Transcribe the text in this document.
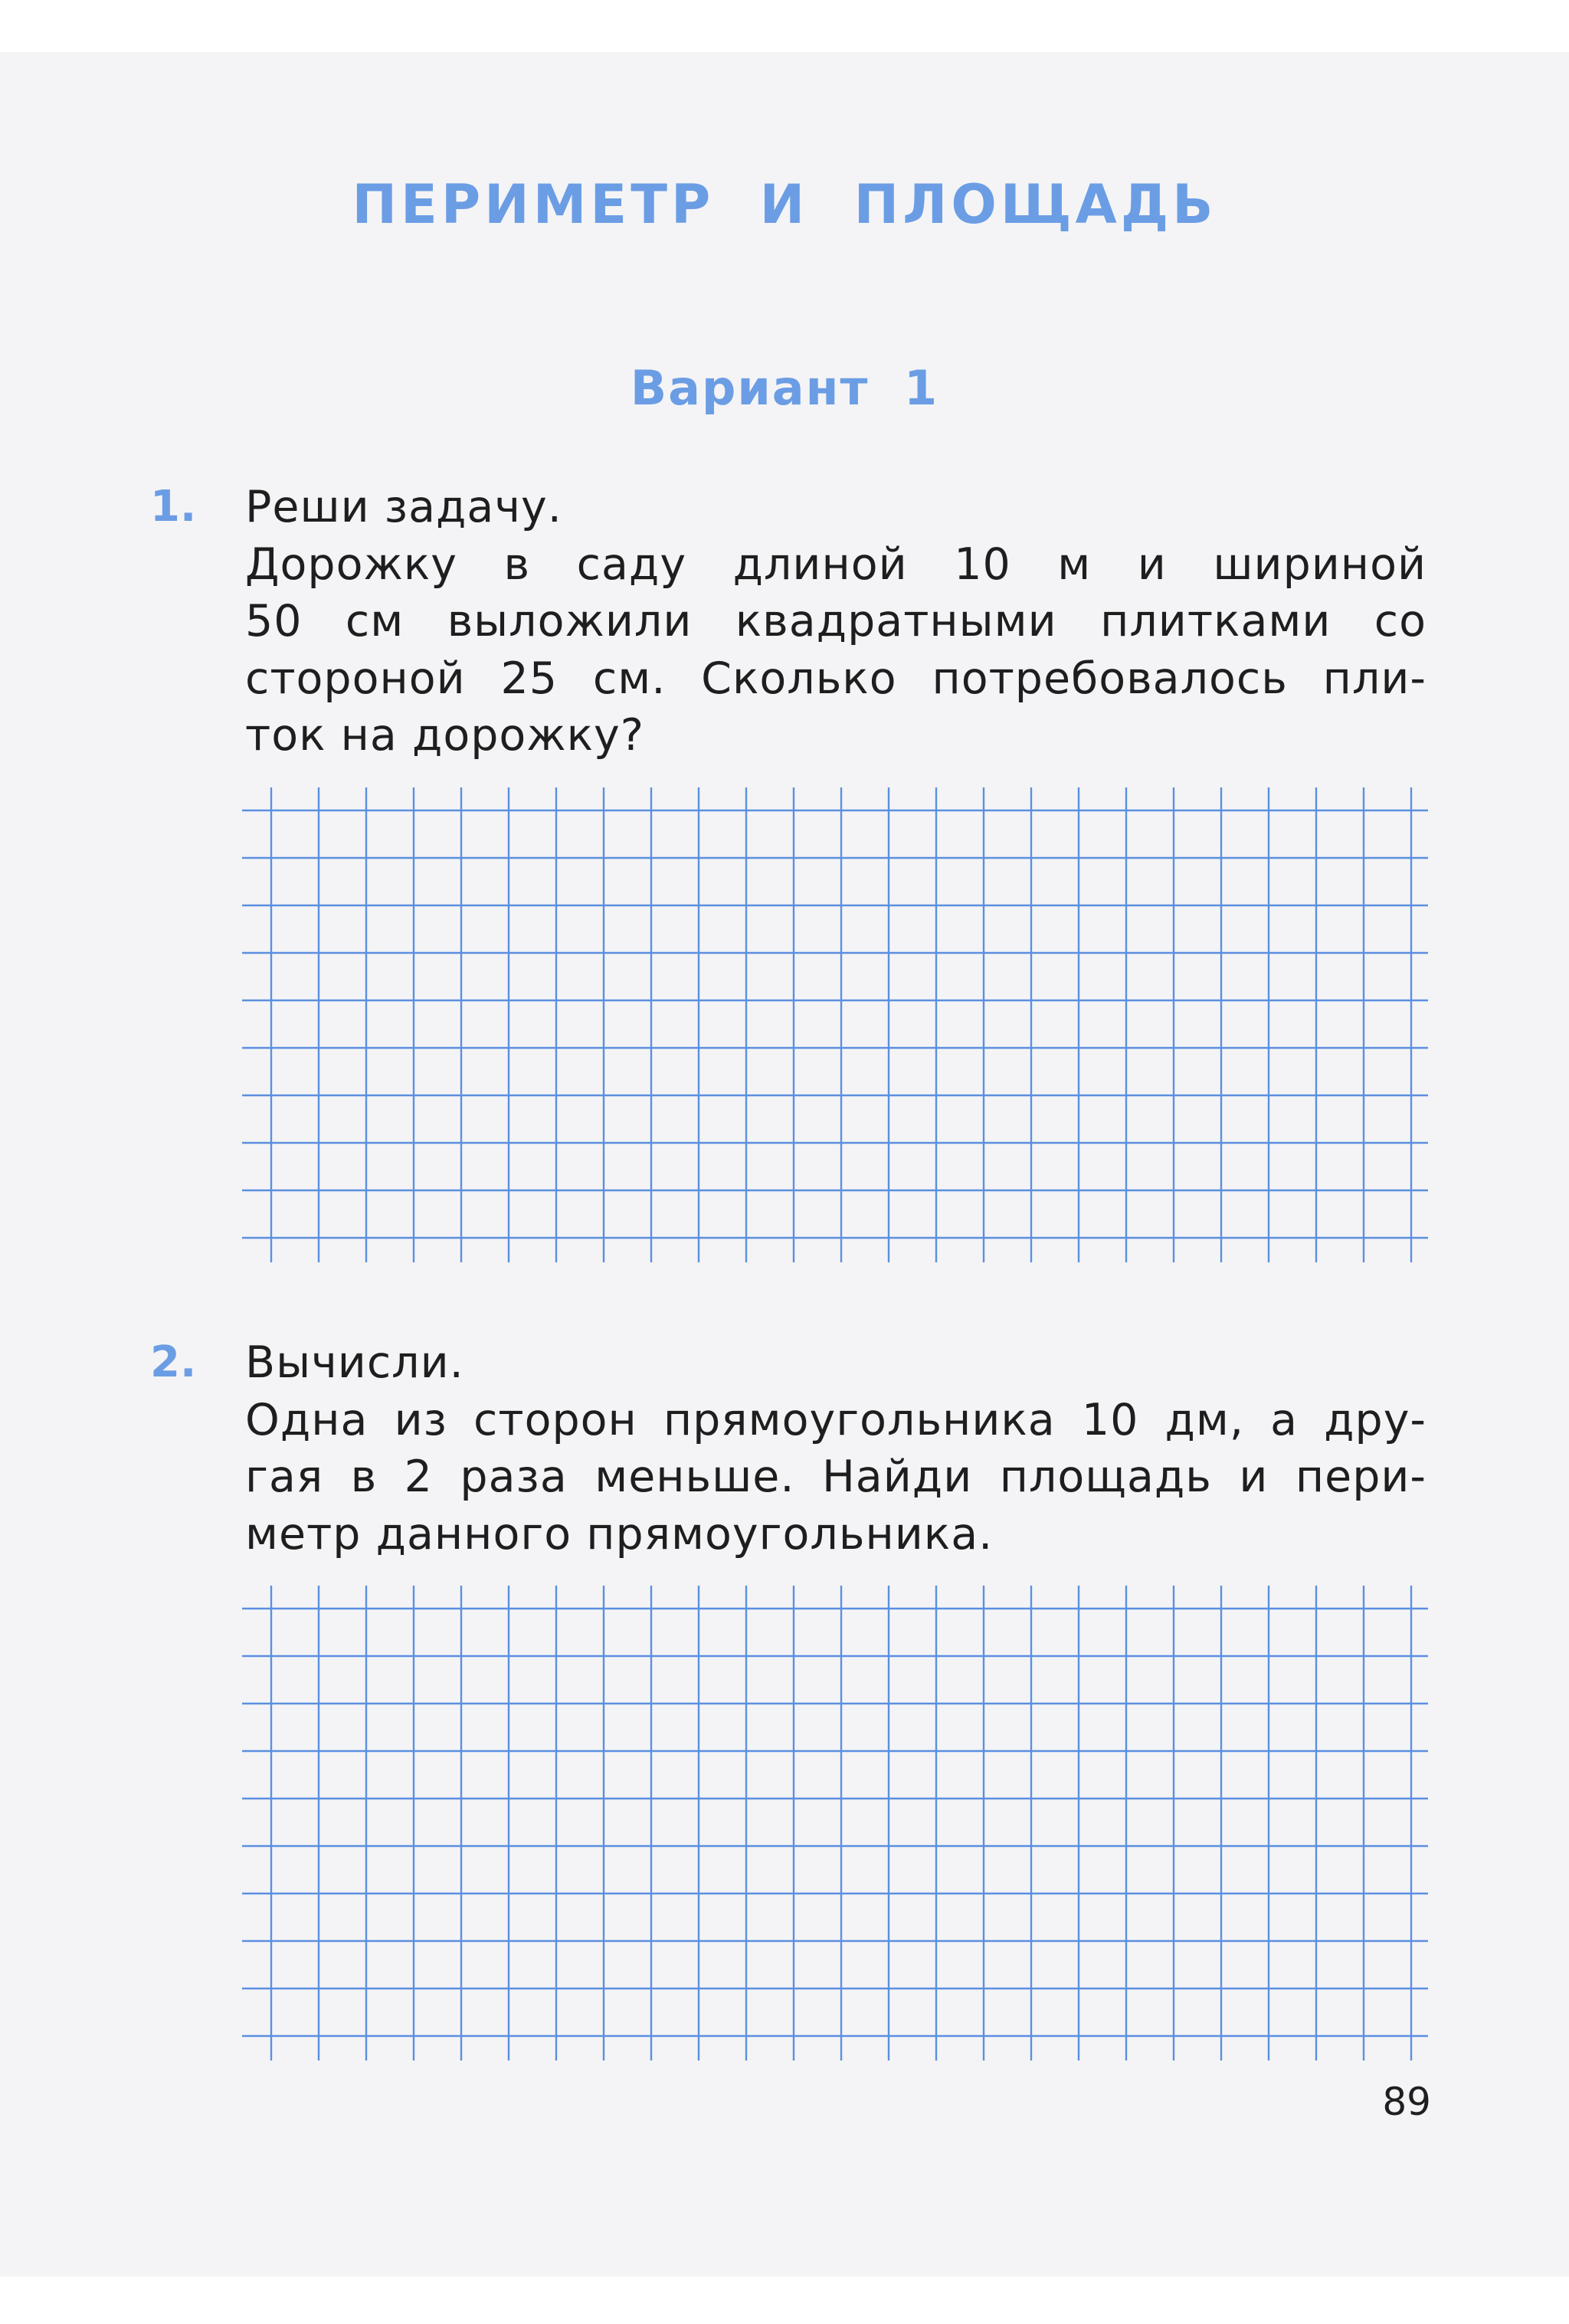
ПЕРИМЕТР И ПЛОЩАДЬ
Вариант 1
1. Реши задачу.
Дорожку в саду длиной 10 м и шириной
50 см выложили квадратными плитками со
стороной 25 см. Сколько потребовалось пли-
ток на дорожку?
2. Вычисли.
Одна из сторон прямоугольника 10 дм, а дру-
гая в 2 раза меньше. Найди площадь и пери-
метр данного прямоугольника.
89
